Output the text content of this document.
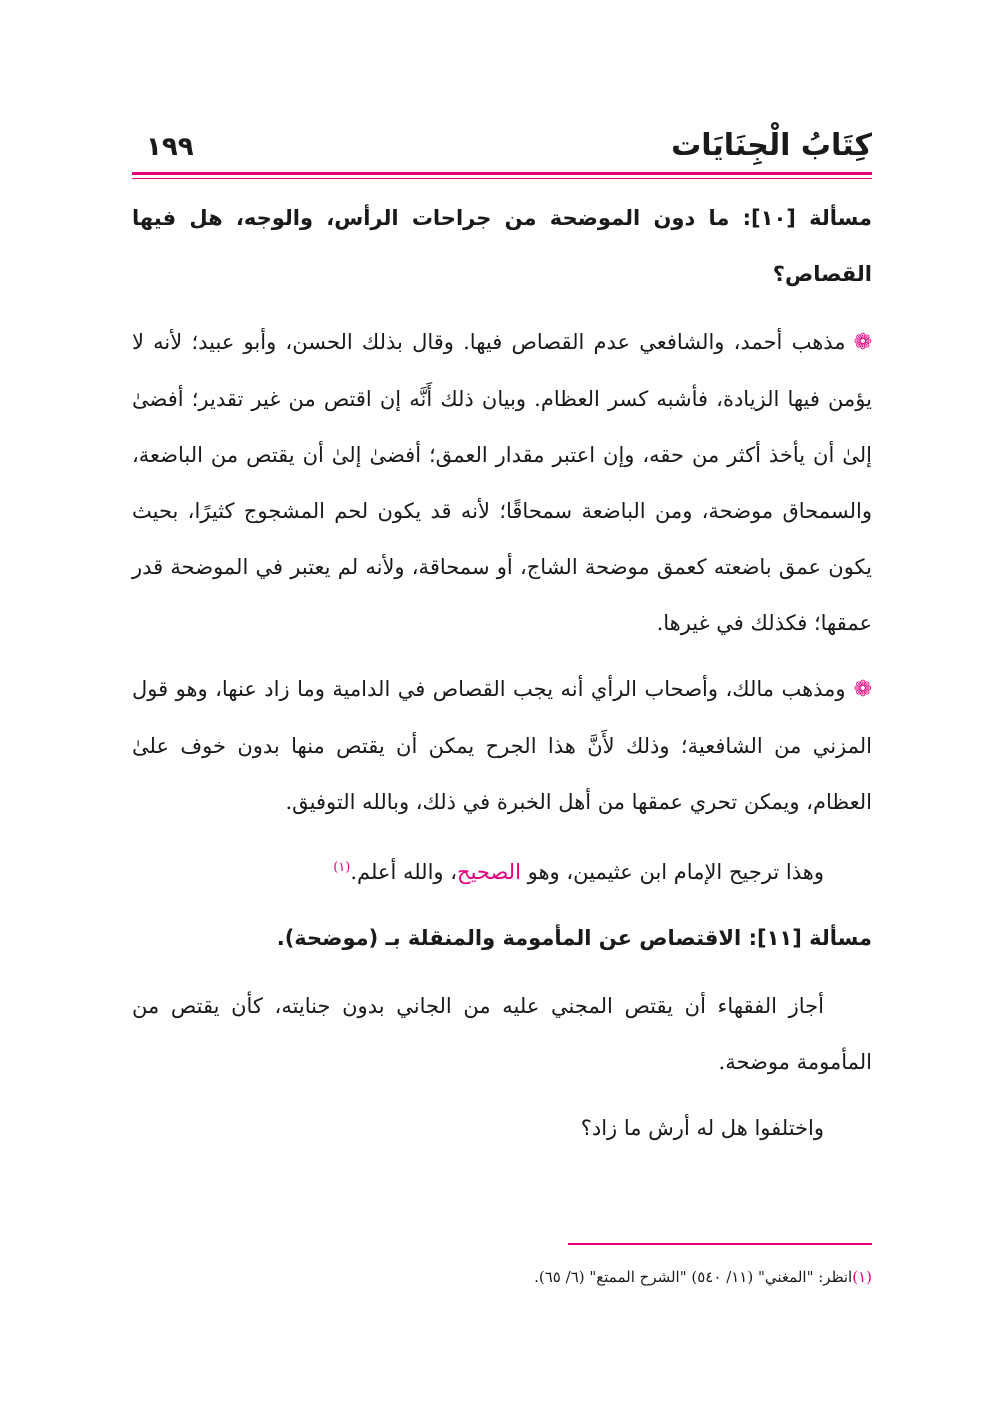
كِتَابُ الْجِنَايَات
١٩٩
مسألة [١٠]: ما دون الموضحة من جراحات الرأس، والوجه، هل فيها القصاص؟

❁مذهب أحمد، والشافعي عدم القصاص فيها. وقال بذلك الحسن، وأبو عبيد؛ لأنه لا يؤمن فيها الزيادة، فأشبه كسر العظام. وبيان ذلك أَنَّه إن اقتص من غير تقدير؛ أفضىٰ إلىٰ أن يأخذ أكثر من حقه، وإن اعتبر مقدار العمق؛ أفضىٰ إلىٰ أن يقتص من الباضعة، والسمحاق موضحة، ومن الباضعة سمحاقًا؛ لأنه قد يكون لحم المشجوج كثيرًا، بحيث يكون عمق باضعته كعمق موضحة الشاج، أو سمحاقة، ولأنه لم يعتبر في الموضحة قدر عمقها؛ فكذلك في غيرها.

❁ومذهب مالك، وأصحاب الرأي أنه يجب القصاص في الدامية وما زاد عنها، وهو قول المزني من الشافعية؛ وذلك لأَنَّ هذا الجرح يمكن أن يقتص منها بدون خوف علىٰ العظام، ويمكن تحري عمقها من أهل الخبرة في ذلك، وبالله التوفيق.

وهذا ترجيح الإمام ابن عثيمين، وهو الصحيح، والله أعلم.$^{(١)}$

مسألة [١١]: الاقتصاص عن المأمومة والمنقلة بـ (موضحة).

أجاز الفقهاء أن يقتص المجني عليه من الجاني بدون جنايته، كأن يقتص من المأمومة موضحة.

واختلفوا هل له أرش ما زاد؟

(١)انظر: "المغني" (١١/ ٥٤٠) "الشرح الممتع" (٦/ ٦٥).
